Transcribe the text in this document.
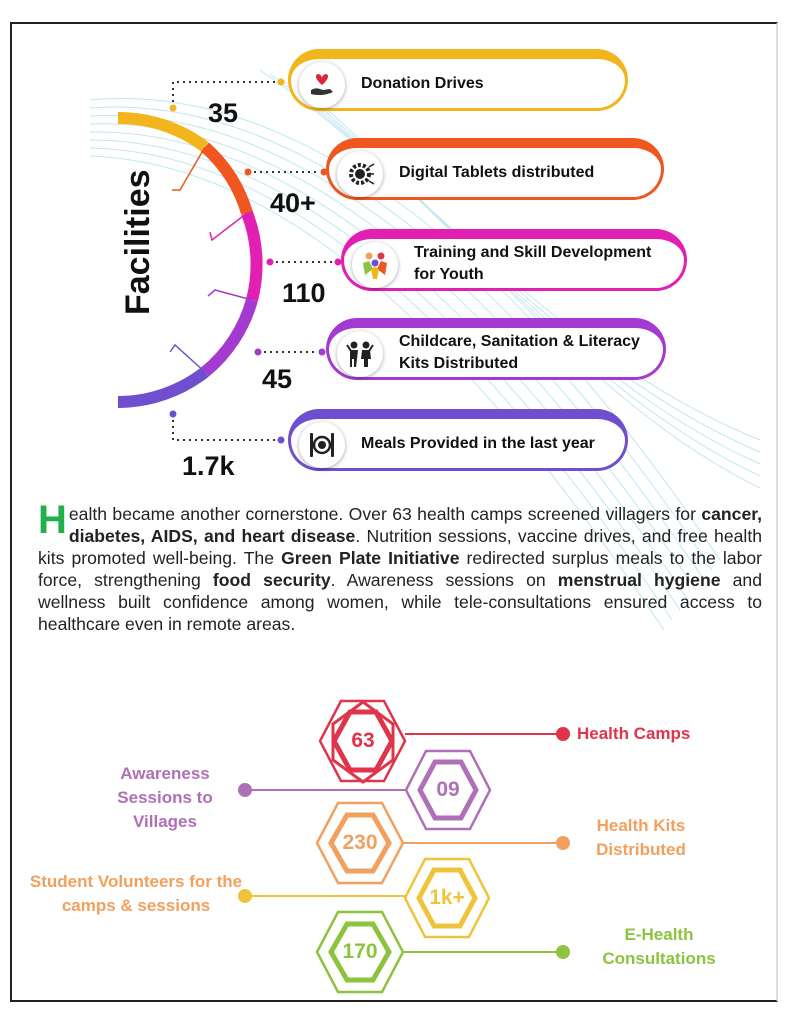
Facilities
35
40+
110
45
1.7k
Donation Drives
Digital Tablets distributed
Training and Skill Development for Youth
Childcare, Sanitation & Literacy Kits Distributed
Meals Provided in the last year
Health became another cornerstone. Over 63 health camps screened villagers for cancer, diabetes, AIDS, and heart disease. Nutrition sessions, vaccine drives, and free health kits promoted well-being. The Green Plate Initiative redirected surplus meals to the labor force, strengthening food security. Awareness sessions on menstrual hygiene and wellness built confidence among women, while tele-consultations ensured access to healthcare even in remote areas.
63
09
230
1k+
170
Health Camps
Awareness Sessions to Villages	Health Kits Distributed
Student Volunteers for the camps & sessions
E-Health Consultations
